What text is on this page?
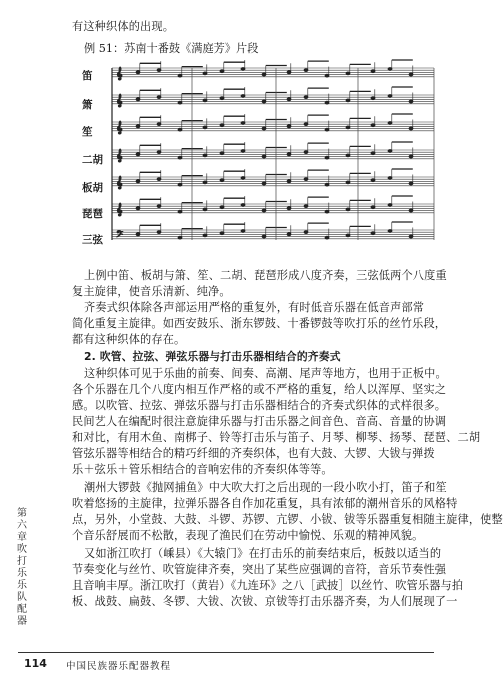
有这种织体的出现。
例 51：苏南十番鼓《满庭芳》片段
笛
箫
笙
二胡
板胡
琵琶
三弦
𝄞
𝄞
𝄞
𝄞
𝄞
𝄞
𝄢
上例中笛、板胡与箫、笙、二胡、琵琶形成八度齐奏，三弦低两个八度重
复主旋律，使音乐清新、纯净。
齐奏式织体除各声部运用严格的重复外，有时低音乐器在低音声部常
简化重复主旋律。如西安鼓乐、浙东锣鼓、十番锣鼓等吹打乐的丝竹乐段，
都有这种织体的存在。
2. 吹管、拉弦、弹弦乐器与打击乐器相结合的齐奏式
这种织体可见于乐曲的前奏、间奏、高潮、尾声等地方，也用于正板中。
各个乐器在几个八度内相互作严格的或不严格的重复，给人以浑厚、坚实之
感。以吹管、拉弦、弹弦乐器与打击乐器相结合的齐奏式织体的式样很多。
民间艺人在编配时很注意旋律乐器与打击乐器之间音色、音高、音量的协调
和对比，有用木鱼、南梆子、铃等打击乐与笛子、月琴、柳琴、扬琴、琵琶、二胡
管弦乐器等相结合的精巧纤细的齐奏织体，也有大鼓、大锣、大钹与弹拨
乐＋弦乐＋管乐相结合的音响宏伟的齐奏织体等等。
潮州大锣鼓《抛网捕鱼》中大吹大打之后出现的一段小吹小打，笛子和笙
吹着悠扬的主旋律，拉弹乐器各自作加花重复，具有浓郁的潮州音乐的风格特
点，另外，小堂鼓、大鼓、斗锣、苏锣、亢锣、小钹、钹等乐器重复相随主旋律，使整
个音乐舒展而不松散，表现了渔民们在劳动中愉悦、乐观的精神风貌。
又如浙江吹打（嵊县）《大辕门》在打击乐的前奏结束后，板鼓以适当的
节奏变化与丝竹、吹管旋律齐奏，突出了某些应强调的音符，音乐节奏性强
且音响丰厚。浙江吹打（黄岩）《九连环》之八［武披］以丝竹、吹管乐器与拍
板、战鼓、扁鼓、冬锣、大钹、次钹、京钹等打击乐器齐奏，为人们展现了一
第六章 吹打乐乐队配器
114 中国民族器乐配器教程
